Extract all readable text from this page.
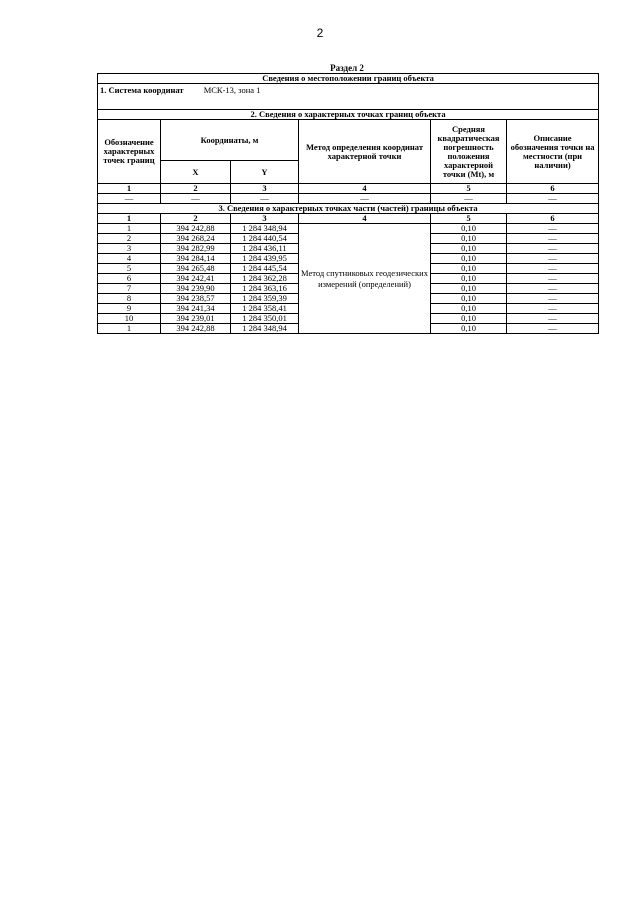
2
Раздел 2
Сведения о местоположении границ объекта					
1. Система координат МСК-13, зона 1					
2. Сведения о характерных точках границ объекта					
Обозначение характерных точек границ	Координаты, м		Метод определения координат характерной точки	Средняя квадратическая погрешность положения характерной точки (Mt), м	Описание обозначения точки на местности (при наличии)
	X	Y			
1	2	3	4	5	6
—	—	—	—	—	—
3. Сведения о характерных точках части (частей) границы объекта					
1	2	3	4	5	6
1	394 242,88	1 284 348,94	Метод спутниковых геодезических измерений (определений)	0,10	—
2	394 268,24	1 284 440,54		0,10	—
3	394 282,99	1 284 436,11		0,10	—
4	394 284,14	1 284 439,95		0,10	—
5	394 265,48	1 284 445,54		0,10	—
6	394 242,41	1 284 362,28		0,10	—
7	394 239,90	1 284 363,16		0,10	—
8	394 238,57	1 284 359,39		0,10	—
9	394 241,34	1 284 358,41		0,10	—
10	394 239,01	1 284 350,01		0,10	—
1	394 242,88	1 284 348,94		0,10	—
